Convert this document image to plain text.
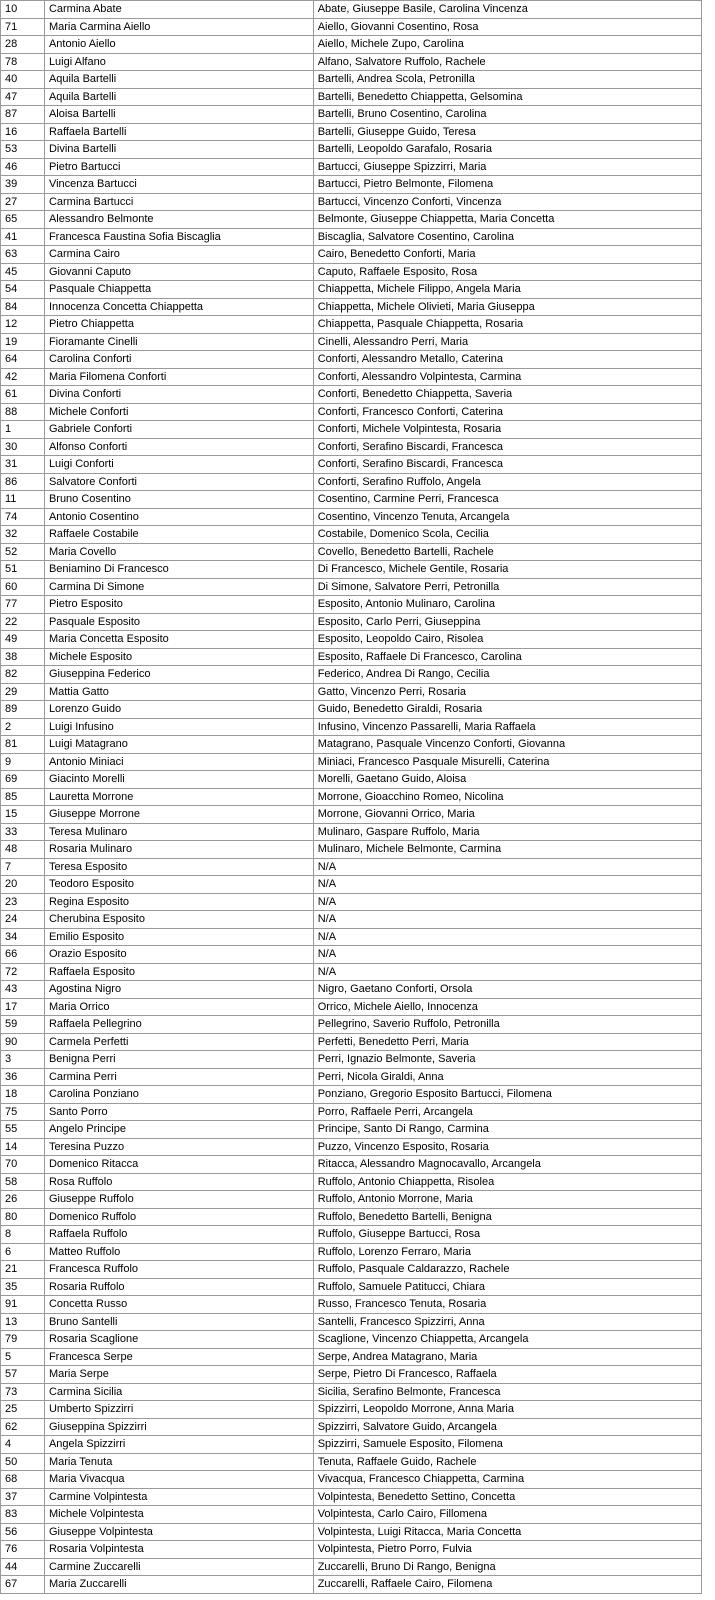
10	Carmina Abate	Abate, Giuseppe Basile, Carolina Vincenza
71	Maria Carmina Aiello	Aiello, Giovanni Cosentino, Rosa
28	Antonio Aiello	Aiello, Michele Zupo, Carolina
78	Luigi Alfano	Alfano, Salvatore Ruffolo, Rachele
40	Aquila Bartelli	Bartelli, Andrea Scola, Petronilla
47	Aquila Bartelli	Bartelli, Benedetto Chiappetta, Gelsomina
87	Aloisa Bartelli	Bartelli, Bruno Cosentino, Carolina
16	Raffaela Bartelli	Bartelli, Giuseppe Guido, Teresa
53	Divina Bartelli	Bartelli, Leopoldo Garafalo, Rosaria
46	Pietro Bartucci	Bartucci, Giuseppe Spizzirri, Maria
39	Vincenza Bartucci	Bartucci, Pietro Belmonte, Filomena
27	Carmina Bartucci	Bartucci, Vincenzo Conforti, Vincenza
65	Alessandro Belmonte	Belmonte, Giuseppe Chiappetta, Maria Concetta
41	Francesca Faustina Sofia Biscaglia	Biscaglia, Salvatore Cosentino, Carolina
63	Carmina Cairo	Cairo, Benedetto Conforti, Maria
45	Giovanni Caputo	Caputo, Raffaele Esposito, Rosa
54	Pasquale Chiappetta	Chiappetta, Michele Filippo, Angela Maria
84	Innocenza Concetta Chiappetta	Chiappetta, Michele Olivieti, Maria Giuseppa
12	Pietro Chiappetta	Chiappetta, Pasquale Chiappetta, Rosaria
19	Fioramante Cinelli	Cinelli, Alessandro Perri, Maria
64	Carolina Conforti	Conforti, Alessandro Metallo, Caterina
42	Maria Filomena Conforti	Conforti, Alessandro Volpintesta, Carmina
61	Divina Conforti	Conforti, Benedetto Chiappetta, Saveria
88	Michele Conforti	Conforti, Francesco Conforti, Caterina
1	Gabriele Conforti	Conforti, Michele Volpintesta, Rosaria
30	Alfonso Conforti	Conforti, Serafino Biscardi, Francesca
31	Luigi Conforti	Conforti, Serafino Biscardi, Francesca
86	Salvatore Conforti	Conforti, Serafino Ruffolo, Angela
11	Bruno Cosentino	Cosentino, Carmine Perri, Francesca
74	Antonio Cosentino	Cosentino, Vincenzo Tenuta, Arcangela
32	Raffaele Costabile	Costabile, Domenico Scola, Cecilia
52	Maria Covello	Covello, Benedetto Bartelli, Rachele
51	Beniamino Di Francesco	Di Francesco, Michele Gentile, Rosaria
60	Carmina Di Simone	Di Simone, Salvatore Perri, Petronilla
77	Pietro Esposito	Esposito, Antonio Mulinaro, Carolina
22	Pasquale Esposito	Esposito, Carlo Perri, Giuseppina
49	Maria Concetta Esposito	Esposito, Leopoldo Cairo, Risolea
38	Michele Esposito	Esposito, Raffaele Di Francesco, Carolina
82	Giuseppina Federico	Federico, Andrea Di Rango, Cecilia
29	Mattia Gatto	Gatto, Vincenzo Perri, Rosaria
89	Lorenzo Guido	Guido, Benedetto Giraldi, Rosaria
2	Luigi Infusino	Infusino, Vincenzo Passarelli, Maria Raffaela
81	Luigi Matagrano	Matagrano, Pasquale Vincenzo Conforti, Giovanna
9	Antonio Miniaci	Miniaci, Francesco Pasquale Misurelli, Caterina
69	Giacinto Morelli	Morelli, Gaetano Guido, Aloisa
85	Lauretta Morrone	Morrone, Gioacchino Romeo, Nicolina
15	Giuseppe Morrone	Morrone, Giovanni Orrico, Maria
33	Teresa Mulinaro	Mulinaro, Gaspare Ruffolo, Maria
48	Rosaria Mulinaro	Mulinaro, Michele Belmonte, Carmina
7	Teresa Esposito	N/A
20	Teodoro Esposito	N/A
23	Regina Esposito	N/A
24	Cherubina Esposito	N/A
34	Emilio Esposito	N/A
66	Orazio Esposito	N/A
72	Raffaela Esposito	N/A
43	Agostina Nigro	Nigro, Gaetano Conforti, Orsola
17	Maria Orrico	Orrico, Michele Aiello, Innocenza
59	Raffaela Pellegrino	Pellegrino, Saverio Ruffolo, Petronilla
90	Carmela Perfetti	Perfetti, Benedetto Perri, Maria
3	Benigna Perri	Perri, Ignazio Belmonte, Saveria
36	Carmina Perri	Perri, Nicola Giraldi, Anna
18	Carolina Ponziano	Ponziano, Gregorio Esposito Bartucci, Filomena
75	Santo Porro	Porro, Raffaele Perri, Arcangela
55	Angelo Principe	Principe, Santo Di Rango, Carmina
14	Teresina Puzzo	Puzzo, Vincenzo Esposito, Rosaria
70	Domenico Ritacca	Ritacca, Alessandro Magnocavallo, Arcangela
58	Rosa Ruffolo	Ruffolo, Antonio Chiappetta, Risolea
26	Giuseppe Ruffolo	Ruffolo, Antonio Morrone, Maria
80	Domenico Ruffolo	Ruffolo, Benedetto Bartelli, Benigna
8	Raffaela Ruffolo	Ruffolo, Giuseppe Bartucci, Rosa
6	Matteo Ruffolo	Ruffolo, Lorenzo Ferraro, Maria
21	Francesca Ruffolo	Ruffolo, Pasquale Caldarazzo, Rachele
35	Rosaria Ruffolo	Ruffolo, Samuele Patitucci, Chiara
91	Concetta Russo	Russo, Francesco Tenuta, Rosaria
13	Bruno Santelli	Santelli, Francesco Spizzirri, Anna
79	Rosaria Scaglione	Scaglione, Vincenzo Chiappetta, Arcangela
5	Francesca Serpe	Serpe, Andrea Matagrano, Maria
57	Maria Serpe	Serpe, Pietro Di Francesco, Raffaela
73	Carmina Sicilia	Sicilia, Serafino Belmonte, Francesca
25	Umberto Spizzirri	Spizzirri, Leopoldo Morrone, Anna Maria
62	Giuseppina Spizzirri	Spizzirri, Salvatore Guido, Arcangela
4	Angela Spizzirri	Spizzirri, Samuele Esposito, Filomena
50	Maria Tenuta	Tenuta, Raffaele Guido, Rachele
68	Maria Vivacqua	Vivacqua, Francesco Chiappetta, Carmina
37	Carmine Volpintesta	Volpintesta, Benedetto Settino, Concetta
83	Michele Volpintesta	Volpintesta, Carlo Cairo, Fillomena
56	Giuseppe Volpintesta	Volpintesta, Luigi Ritacca, Maria Concetta
76	Rosaria Volpintesta	Volpintesta, Pietro Porro, Fulvia
44	Carmine Zuccarelli	Zuccarelli, Bruno Di Rango, Benigna
67	Maria Zuccarelli	Zuccarelli, Raffaele Cairo, Filomena
